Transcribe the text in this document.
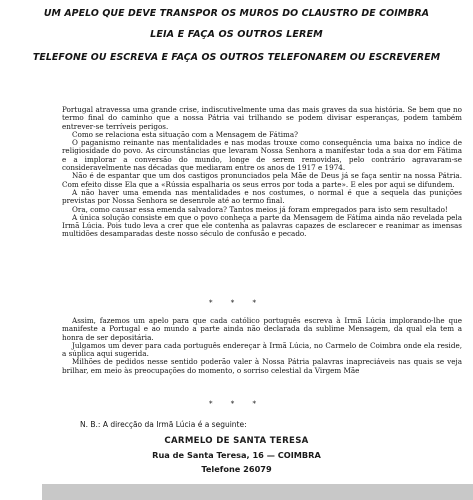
UM APELO QUE DEVE TRANSPOR OS MUROS DO CLAUSTRO DE COIMBRA
LEIA E FAÇA OS OUTROS LEREM
TELEFONE OU ESCREVA E FAÇA OS OUTROS TELEFONAREM OU ESCREVEREM

Portugal atravessa uma grande crise, indiscutivelmente uma das mais graves da sua história. Se bem que no termo final do caminho que a nossa Pátria vai trilhando se podem divisar esperanças, podem também entrever-se terríveis perigos.

Como se relaciona esta situação com a Mensagem de Fátima?

O paganismo reinante nas mentalidades e nas modas trouxe como consequência uma baixa no índice de religiosidade do povo. As circunstâncias que levaram Nossa Senhora a manifestar toda a sua dor em Fátima e a implorar a conversão do mundo, longe de serem removidas, pelo contrário agravaram-se consideravelmente nas décadas que mediaram entre os anos de 1917 e 1974.

Não é de espantar que um dos castigos pronunciados pela Mãe de Deus já se faça sentir na nossa Pátria. Com efeito disse Ela que a «Rússia espalharia os seus erros por toda a parte». E eles por aqui se difundem.

A não haver uma emenda nas mentalidades e nos costumes, o normal é que a sequela das punições previstas por Nossa Senhora se desenrole até ao termo final.

Ora, como causar essa emenda salvadora? Tantos meios já foram empregados para isto sem resultado!

A única solução consiste em que o povo conheça a parte da Mensagem de Fátima ainda não revelada pela Irmã Lúcia. Pois tudo leva a crer que ele contenha as palavras capazes de esclarecer e reanimar as imensas multidões desamparadas deste nosso século de confusão e pecado.

* * *

Assim, fazemos um apelo para que cada católico português escreva à Irmã Lúcia implorando-lhe que manifeste a Portugal e ao mundo a parte ainda não declarada da sublime Mensagem, da qual ela tem a honra de ser depositária.

Julgamos um dever para cada português endereçar à Irmã Lúcia, no Carmelo de Coimbra onde ela reside, a súplica aqui sugerida.

Milhões de pedidos nesse sentido poderão valer à Nossa Pátria palavras inapreciáveis nas quais se veja brilhar, em meio às preocupações do momento, o sorriso celestial da Virgem Mãe

* * *
N. B.: A direcção da Irmã Lúcia é a seguinte:
CARMELO DE SANTA TERESA
Rua de Santa Teresa, 16 — COIMBRA
Telefone 26079
